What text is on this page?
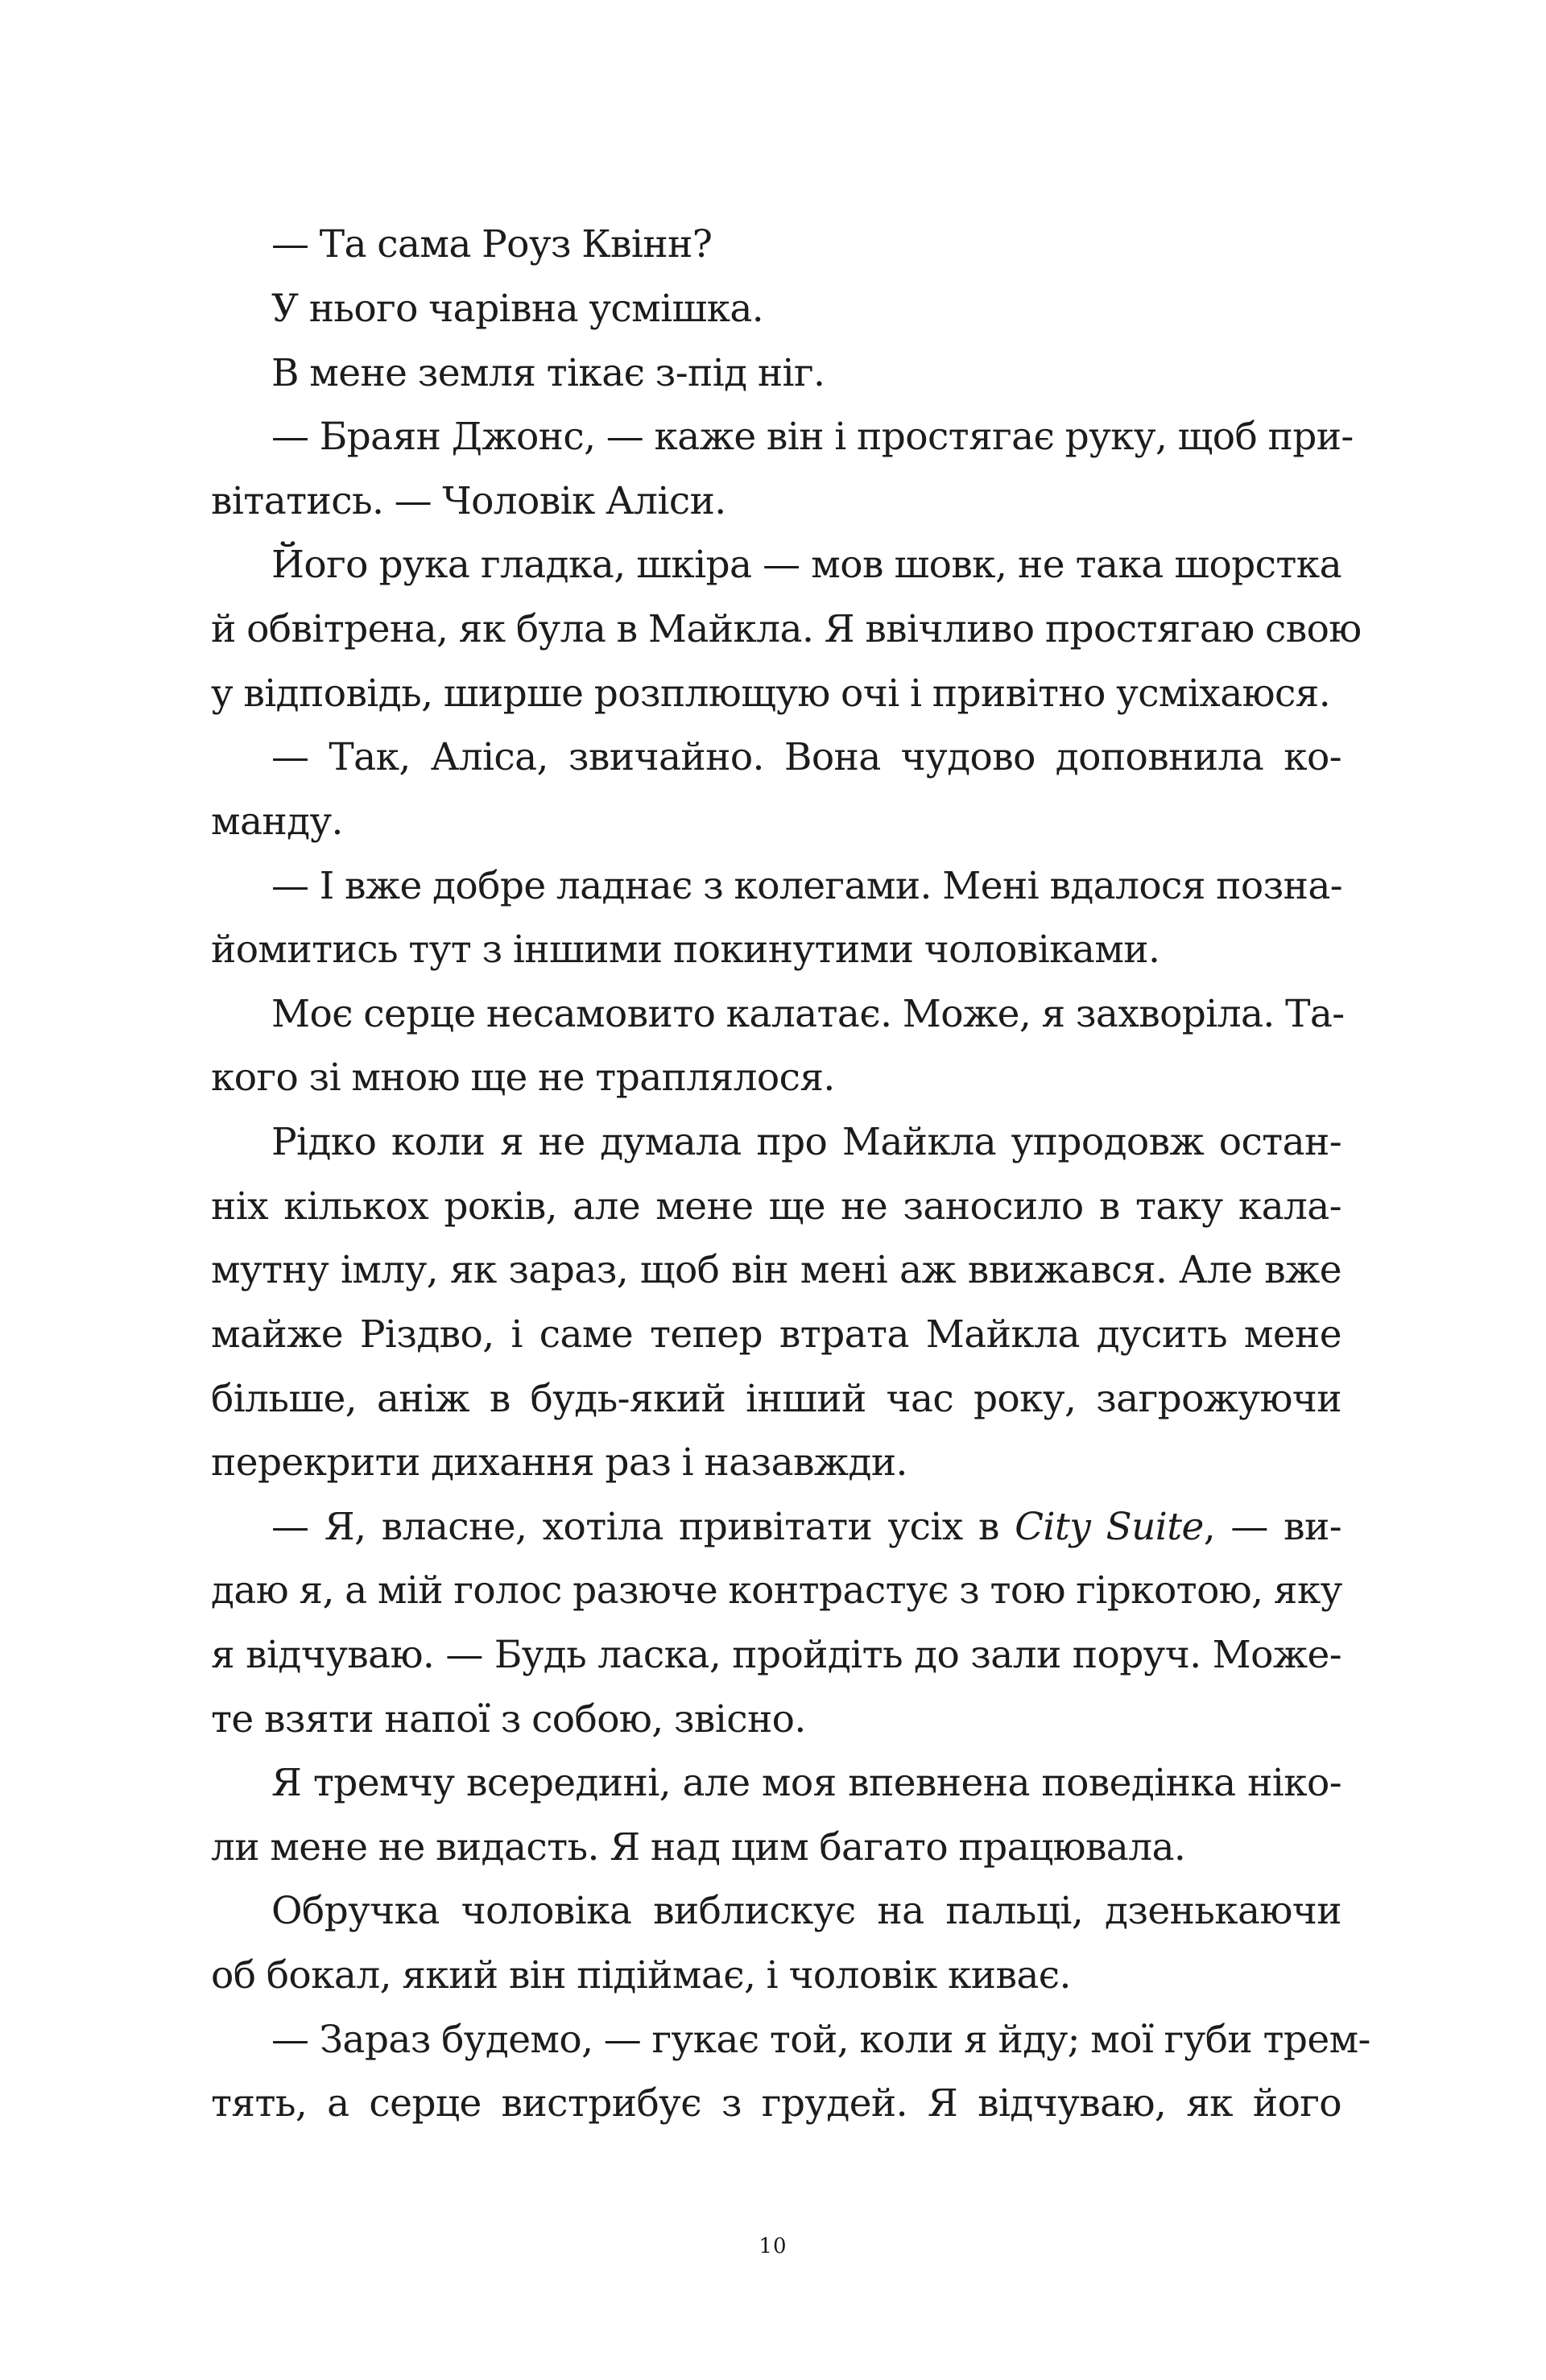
— Та сама Роуз Квінн?
У нього чарівна усмішка.
В мене земля тікає з-під ніг.
— Браян Джонс, — каже він і простягає руку, щоб при-
вітатись. — Чоловік Аліси.
Його рука гладка, шкіра — мов шовк, не така шорстка
й обвітрена, як була в Майкла. Я ввічливо простягаю свою
у відповідь, ширше розплющую очі і привітно усміхаюся.
— Так, Аліса, звичайно. Вона чудово доповнила ко-
манду.
— І вже добре ладнає з колегами. Мені вдалося позна-
йомитись тут з іншими покинутими чоловіками.
Моє серце несамовито калатає. Може, я захворіла. Та-
кого зі мною ще не траплялося.
Рідко коли я не думала про Майкла упродовж остан-
ніх кількох років, але мене ще не заносило в таку кала-
мутну імлу, як зараз, щоб він мені аж ввижався. Але вже
майже Різдво, і саме тепер втрата Майкла дусить мене
більше, аніж в будь-який інший час року, загрожуючи
перекрити дихання раз і назавжди.
— Я, власне, хотіла привітати усіх в City Suite, — ви-
даю я, а мій голос разюче контрастує з тою гіркотою, яку
я відчуваю. — Будь ласка, пройдіть до зали поруч. Може-
те взяти напої з собою, звісно.
Я тремчу всередині, але моя впевнена поведінка ніко-
ли мене не видасть. Я над цим багато працювала.
Обручка чоловіка виблискує на пальці, дзенькаючи
об бокал, який він підіймає, і чоловік киває.
— Зараз будемо, — гукає той, коли я йду; мої губи трем-
тять, а серце вистрибує з грудей. Я відчуваю, як його
10
